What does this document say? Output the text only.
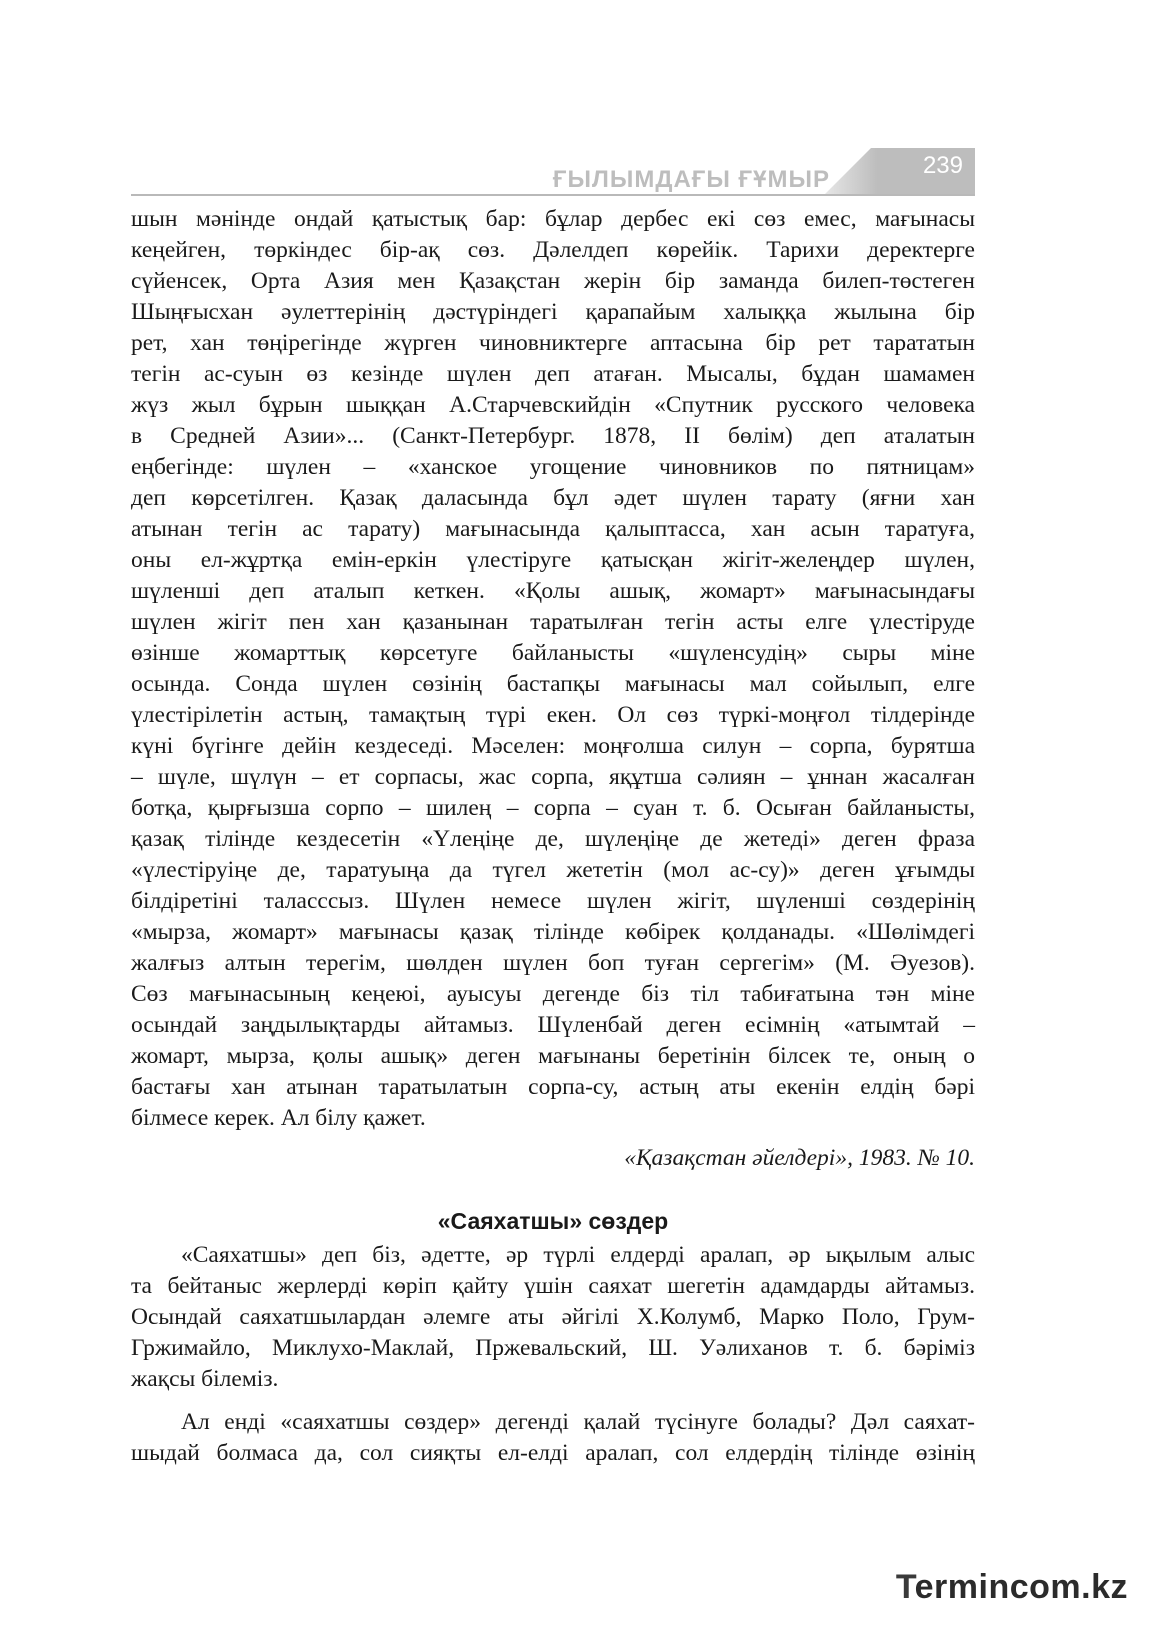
ҒЫЛЫМДАҒЫ ҒҰМЫР
239
шын мәнінде ондай қатыстық бар: бұлар дербес екі сөз емес, мағынасы
кеңейген, төркіндес бір-ақ сөз. Дәлелдеп көрейік. Тарихи деректерге
сүйенсек, Орта Азия мен Қазақстан жерін бір заманда билеп-төстеген
Шыңғысхан әулеттерінің дәстүріндегі қарапайым халыққа жылына бір
рет, хан төңірегінде жүрген чиновниктерге аптасына бір рет тарататын
тегін ас-суын өз кезінде шүлен деп атаған. Мысалы, бұдан шамамен
жүз жыл бұрын шыққан А.Старчевскийдін «Спутник русского человека
в Средней Азии»... (Санкт-Петербург. 1878, II бөлім) деп аталатын
еңбегінде: шүлен – «ханское угощение чиновников по пятницам»
деп көрсетілген. Қазақ даласында бұл әдет шүлен тарату (яғни хан
атынан тегін ас тарату) мағынасында қалыптасса, хан асын таратуға,
оны ел-жұртқа емін-еркін үлестіруге қатысқан жігіт-желеңдер шүлен,
шүленші деп аталып кеткен. «Қолы ашық, жомарт» мағынасындағы
шүлен жігіт пен хан қазанынан таратылған тегін асты елге үлестіруде
өзінше жомарттық көрсетуге байланысты «шүленсудің» сыры міне
осында. Сонда шүлен сөзінің бастапқы мағынасы мал сойылып, елге
үлестірілетін астың, тамақтың түрі екен. Ол сөз түркі-моңғол тілдерінде
күні бүгінге дейін кездеседі. Мәселен: моңғолша силун – сорпа, бурятша
– шүле, шүлүн – ет сорпасы, жас сорпа, яқұтша сәлиян – ұннан жасалған
ботқа, қырғызша сорпо – шилең – сорпа – суан т. б. Осыған байланысты,
қазақ тілінде кездесетін «Үлеңіңе де, шүлеңіңе де жетеді» деген фраза
«үлестіруіңе де, таратуыңа да түгел жететін (мол ас-су)» деген ұғымды
білдіретіні таласссыз. Шүлен немесе шүлен жігіт, шүленші сөздерінің
«мырза, жомарт» мағынасы қазақ тілінде көбірек қолданады. «Шөлімдегі
жалғыз алтын терегім, шөлден шүлен боп туған сергегім» (М. Әуезов).
Сөз мағынасының кеңеюі, ауысуы дегенде біз тіл табиғатына тән міне
осындай заңдылықтарды айтамыз. Шүленбай деген есімнің «атымтай –
жомарт, мырза, қолы ашық» деген мағынаны беретінін білсек те, оның о
бастағы хан атынан таратылатын сорпа-су, астың аты екенін елдің бәрі
білмесе керек. Ал білу қажет.
«Қазақстан әйелдері», 1983. № 10.
«Саяхатшы» сөздер
«Саяхатшы» деп біз, әдетте, әр түрлі елдерді аралап, әр ықылым алыс
та бейтаныс жерлерді көріп қайту үшін саяхат шегетін адамдарды айтамыз.
Осындай саяхатшылардан әлемге аты әйгілі Х.Колумб, Марко Поло, Грум-
Гржимайло, Миклухо-Маклай, Пржевальский, Ш. Уәлиханов т. б. бәріміз
жақсы білеміз.
Ал енді «саяхатшы сөздер» дегенді қалай түсінуге болады? Дәл саяхат-
шыдай болмаса да, сол сияқты ел-елді аралап, сол елдердің тілінде өзінің
Termincom.kz
